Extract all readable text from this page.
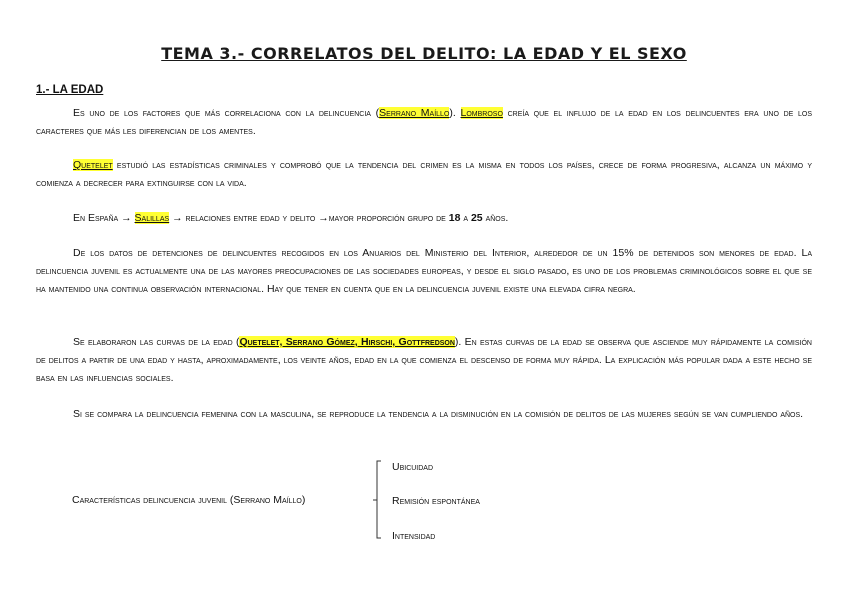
TEMA 3.- CORRELATOS DEL DELITO: LA EDAD Y EL SEXO
1.- LA EDAD

Es uno de los factores que más correlaciona con la delincuencia (Serrano Maíllo). Lombroso creía que el influjo de la edad en los delincuentes era uno de los caracteres que más les diferencian de los amentes.

Quetelet estudió las estadísticas criminales y comprobó que la tendencia del crimen es la misma en todos los países, crece de forma progresiva, alcanza un máximo y comienza a decrecer para extinguirse con la vida.

En España → Salillas → relaciones entre edad y delito →mayor proporción grupo de 18 a 25 años.

De los datos de detenciones de delincuentes recogidos en los Anuarios del Ministerio del Interior, alrededor de un 15% de detenidos son menores de edad. La delincuencia juvenil es actualmente una de las mayores preocupaciones de las sociedades europeas, y desde el siglo pasado, es uno de los problemas criminológicos sobre el que se ha mantenido una continua observación internacional. Hay que tener en cuenta que en la delincuencia juvenil existe una elevada cifra negra.

Se elaboraron las curvas de la edad (Quetelet, Serrano Gómez, Hirschi, Gottfredson). En estas curvas de la edad se observa que asciende muy rápidamente la comisión de delitos a partir de una edad y hasta, aproximadamente, los veinte años, edad en la que comienza el descenso de forma muy rápida. La explicación más popular dada a este hecho se basa en las influencias sociales.

Si se compara la delincuencia femenina con la masculina, se reproduce la tendencia a la disminución en la comisión de delitos de las mujeres según se van cumpliendo años.

Características delincuencia juvenil (Serrano Maíllo)
Ubicuidad
Remisión espontánea
Intensidad
